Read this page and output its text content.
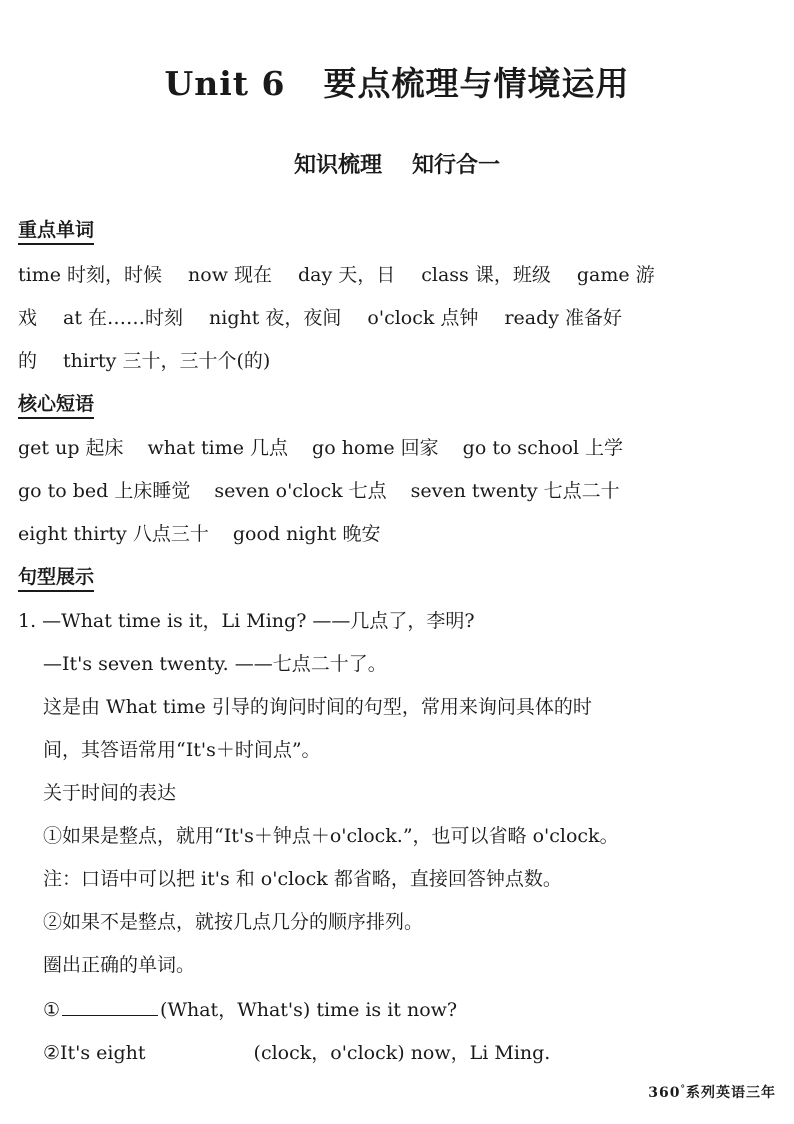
Unit 6 要点梳理与情境运用
知识梳理 知行合一
重点单词
time 时刻，时候 now 现在 day 天，日 class 课，班级 game 游
戏 at 在……时刻 night 夜，夜间 o'clock 点钟 ready 准备好
的 thirty 三十，三十个(的)
核心短语
get up 起床 what time 几点 go home 回家 go to school 上学
go to bed 上床睡觉 seven o'clock 七点 seven twenty 七点二十
eight thirty 八点三十 good night 晚安
句型展示
1. —What time is it，Li Ming? ——几点了，李明?
—It's seven twenty. ——七点二十了。
这是由 What time 引导的询问时间的句型，常用来询问具体的时
间，其答语常用“It's＋时间点”。
关于时间的表达
①如果是整点，就用“It's＋钟点＋o'clock.”，也可以省略 o'clock。
注：口语中可以把 it's 和 o'clock 都省略，直接回答钟点数。
②如果不是整点，就按几点几分的顺序排列。
圈出正确的单词。
①	(What，What's) time is it now?
②It's eight	(clock，o'clock) now，Li Ming.
360°系列英语三年
